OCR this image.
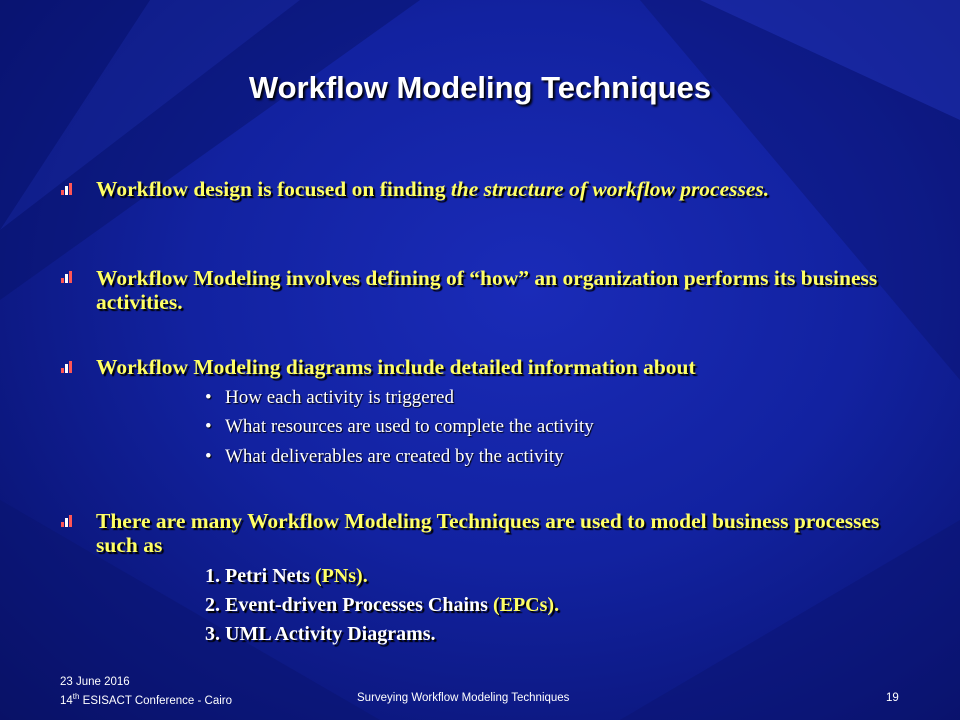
Workflow Modeling Techniques
Workflow design is focused on finding the structure of workflow processes.
Workflow Modeling involves defining of “how” an organization performs its business activities.
Workflow Modeling diagrams include detailed information about
• How each activity is triggered
• What resources are used to complete the activity
• What deliverables are created by the activity
There are many Workflow Modeling Techniques are used to model business processes such as
1. Petri Nets (PNs).
2. Event-driven Processes Chains (EPCs).
3. UML Activity Diagrams.
23 June 2016
14th ESISACT Conference - Cairo	Surveying Workflow Modeling Techniques	19
